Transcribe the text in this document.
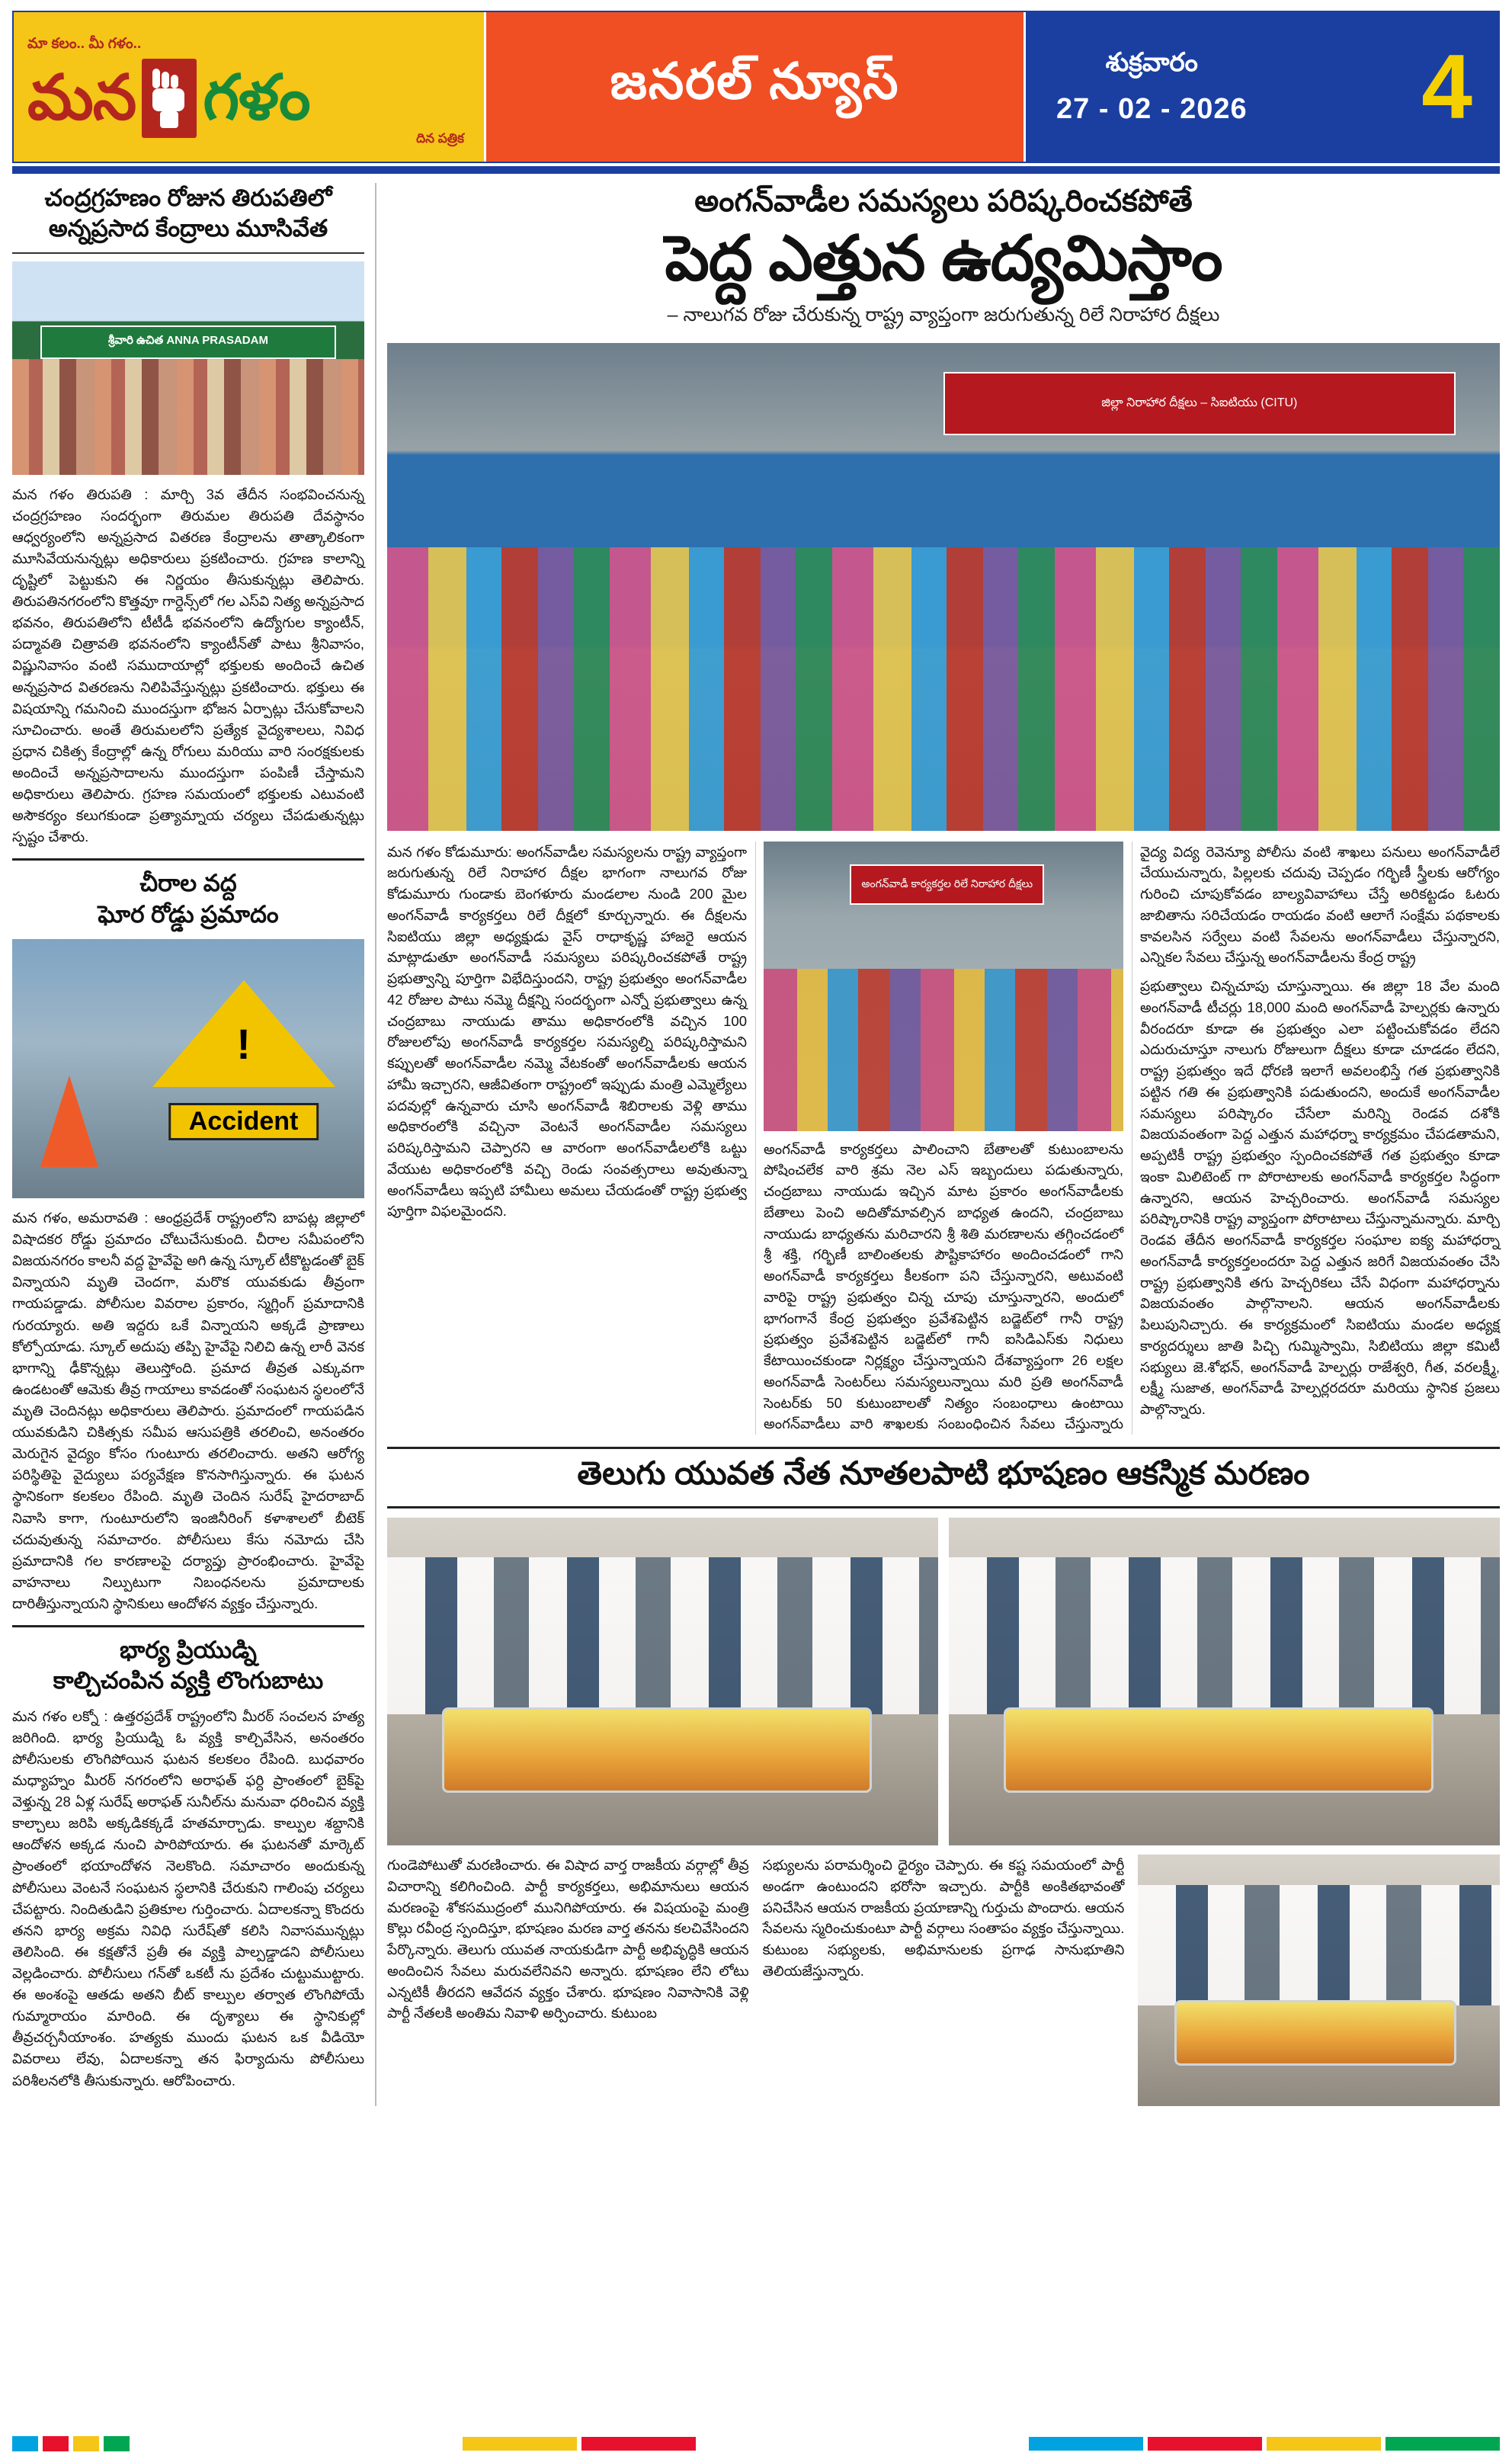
మా కలం.. మీ గళం..
మన గళం
దిన పత్రిక
జనరల్ న్యూస్	శుక్రవారం
27 - 02 - 2026 4
చంద్రగ్రహణం రోజున తిరుపతిలో
అన్నప్రసాద కేంద్రాలు మూసివేత
శ్రీవారి ఉచిత ANNA PRASADAM
మన గళం తిరుపతి : మార్చి 3వ తేదీన సంభవించనున్న చంద్రగ్రహణం సందర్భంగా తిరుమల తిరుపతి దేవస్థానం ఆధ్వర్యంలోని అన్నప్రసాద వితరణ కేంద్రాలను తాత్కాలికంగా మూసివేయనున్నట్లు అధికారులు ప్రకటించారు. గ్రహణ కాలాన్ని దృష్టిలో పెట్టుకుని ఈ నిర్ణయం తీసుకున్నట్లు తెలిపారు. తిరుపతినగరంలోని కొత్తవూ గార్డెన్స్‌లో గల ఎస్‌వి నిత్య అన్నప్రసాద భవనం, తిరుపతిలోని టీటీడీ భవనంలోని ఉద్యోగుల క్యాంటీన్, పద్మావతి చిత్రావతి భవనంలోని క్యాంటీన్‌తో పాటు శ్రీనివాసం, విష్ణునివాసం వంటి సముదాయాల్లో భక్తులకు అందించే ఉచిత అన్నప్రసాద వితరణను నిలిపివేస్తున్నట్లు ప్రకటించారు. భక్తులు ఈ విషయాన్ని గమనించి ముందస్తుగా భోజన ఏర్పాట్లు చేసుకోవాలని సూచించారు. అంతే తిరుమలలోని ప్రత్యేక వైద్యశాలలు, నివిధ ప్రధాన చికిత్స కేంద్రాల్లో ఉన్న రోగులు మరియు వారి సంరక్షకులకు అందించే అన్నప్రసాదాలను ముందస్తుగా పంపిణీ చేస్తామని అధికారులు తెలిపారు. గ్రహణ సమయంలో భక్తులకు ఎటువంటి అసౌకర్యం కలుగకుండా ప్రత్యామ్నాయ చర్యలు చేపడుతున్నట్లు స్పష్టం చేశారు.
చీరాల వద్ద
ఘోర రోడ్డు ప్రమాదం
!
Accident
మన గళం, అమరావతి : ఆంధ్రప్రదేశ్ రాష్ట్రంలోని బాపట్ల జిల్లాలో విషాదకర రోడ్డు ప్రమాదం చోటుచేసుకుంది. చీరాల సమీపంలోని విజయనగరం కాలనీ వద్ద హైవేపై అగి ఉన్న స్కూల్ టీకొట్టడంతో బైక్ విన్నాయని మృతి చెందగా, మరొక యువకుడు తీవ్రంగా గాయపడ్డాడు. పోలీసుల వివరాల ప్రకారం, స్మగ్లింగ్ ప్రమాదానికి గురయ్యారు. అతి ఇద్దరు ఒకే విన్నాయని అక్కడే ప్రాణాలు కోల్పోయాడు. స్కూల్ అదుపు తప్పి హైవేపై నిలిచి ఉన్న లారీ వెనక భాగాన్ని ఢీకొన్నట్లు తెలుస్తోంది. ప్రమాద తీవ్రత ఎక్కువగా ఉండటంతో ఆమెకు తీవ్ర గాయాలు కావడంతో సంఘటన స్థలంలోనే మృతి చెందినట్లు అధికారులు తెలిపారు. ప్రమాదంలో గాయపడిన యువకుడిని చికిత్సకు సమీప ఆసుపత్రికి తరలించి, అనంతరం మెరుగైన వైద్యం కోసం గుంటూరు తరలించారు. అతని ఆరోగ్య పరిస్థితిపై వైద్యులు పర్యవేక్షణ కొనసాగిస్తున్నారు. ఈ ఘటన స్థానికంగా కలకలం రేపింది. మృతి చెందిన సురేష్ హైదరాబాద్ నివాసి కాగా, గుంటూరులోని ఇంజినీరింగ్ కళాశాలలో బీటెక్ చదువుతున్న సమాచారం. పోలీసులు కేసు నమోదు చేసి ప్రమాదానికి గల కారణాలపై దర్యాప్తు ప్రారంభించారు. హైవేపై వాహనాలు నిల్పుటుగా నిబంధనలను ప్రమాదాలకు దారితీస్తున్నాయని స్థానికులు ఆందోళన వ్యక్తం చేస్తున్నారు.
భార్య ప్రియుడ్ని
కాల్చిచంపిన వ్యక్తి లొంగుబాటు
మన గళం లక్నో : ఉత్తరప్రదేశ్ రాష్ట్రంలోని మీరఠ్ సంచలన హత్య జరిగింది. భార్య ప్రియుడ్ని ఓ వ్యక్తి కాల్చివేసిన, అనంతరం పోలీసులకు లొంగిపోయిన ఘటన కలకలం రేపింది. బుధవారం మధ్యాహ్నం మీరఠ్ నగరంలోని అరాఫత్ ఫర్ది ప్రాంతంలో బైక్‌పై వెళ్తున్న 28 ఏళ్ల సురేష్ అరాఫత్ సునీల్‌ను మనువా ధరించిన వ్యక్తి కాల్చాలు జరిపి అక్కడికక్కడే హతమార్చాడు. కాల్పుల శబ్దానికి ఆందోళన అక్కడ నుంచి పారిపోయారు. ఈ ఘటనతో మార్కెట్ ప్రాంతంలో భయాందోళన నెలకొంది. సమాచారం అందుకున్న పోలీసులు వెంటనే సంఘటన స్థలానికి చేరుకుని గాలింపు చర్యలు చేపట్టారు. నిందితుడిని ప్రతికూల గుర్తించారు. ఏదాలకన్నా కొందరు తనని భార్య అక్రమ నివిధి సురేష్‌తో కలిసి నివాసమున్నట్లు తెలిసింది. ఈ కక్షతోనే ప్రతీ ఈ వ్యక్తి పాల్పడ్డాడని పోలీసులు వెల్లడించారు. పోలీసులు గన్‌తో ఒకటీ ను ప్రదేశం చుట్టుముట్టారు. ఈ అంశంపై ఆతడు అతని బీట్ కాల్పుల తర్వాత లొంగిపోయే గుమ్మారాయం మారింది. ఈ దృశ్యాలు ఈ స్థానికుల్లో తీవ్రచర్చనీయాంశం. హత్యకు ముందు ఘటన ఒక వీడియో వివరాలు లేవు, ఏదాలకన్నా తన ఫిర్యాదును పోలీసులు పరిశీలనలోకి తీసుకున్నారు. ఆరోపించారు.
అంగన్‌వాడీల సమస్యలు పరిష్కరించకపోతే
పెద్ద ఎత్తున ఉద్యమిస్తాం
– నాలుగవ రోజు చేరుకున్న రాష్ట్ర వ్యాప్తంగా జరుగుతున్న రిలే నిరాహార దీక్షలు
జిల్లా నిరాహార దీక్షలు – సిఐటియు (CITU)

మన గళం కోడుమూరు: అంగన్‌వాడీల సమస్యలను రాష్ట్ర వ్యాప్తంగా జరుగుతున్న రిలే నిరాహార దీక్షల భాగంగా నాలుగవ రోజు కోడుమూరు గుండాకు బెంగళూరు మండలాల నుండి 200 మైల అంగన్‌వాడీ కార్యకర్తలు రిలే దీక్షలో కూర్చున్నారు. ఈ దీక్షలను సిఐటియు జిల్లా అధ్యక్షుడు వైస్ రాధాకృష్ణ హాజరై ఆయన మాట్లాడుతూ అంగన్‌వాడీ సమస్యలు పరిష్కరించకపోతే రాష్ట్ర ప్రభుత్వాన్ని పూర్తిగా విభేదిస్తుందని, రాష్ట్ర ప్రభుత్వం అంగన్‌వాడీల 42 రోజుల పాటు నమ్మె దీక్షన్ని సందర్భంగా ఎన్నో ప్రభుత్వాలు ఉన్న చంద్రబాబు నాయుడు తాము అధికారంలోకి వచ్చిన 100 రోజులలోపు అంగన్‌వాడీ కార్యకర్తల సమస్యల్ని పరిష్కరిస్తామని కప్పులతో అంగన్‌వాడీల నమ్మె వేటకంతో అంగన్‌వాడీలకు ఆయన హామీ ఇచ్చారని, ఆజీవితంగా రాష్ట్రంలో ఇప్పుడు మంత్రి ఎమ్మెల్యేలు పదవుల్లో ఉన్నవారు చూసి అంగన్‌వాడీ శిబిరాలకు వెళ్లి తాము అధికారంలోకి వచ్చినా వెంటనే అంగన్‌వాడీల సమస్యలు పరిష్కరిస్తామని చెప్పారని ఆ వారంగా అంగన్‌వాడీలలోకి ఒట్టు వేయుట అధికారంలోకి వచ్చి రెండు సంవత్సరాలు అవుతున్నా అంగన్‌వాడీలు ఇప్పటి హామీలు అమలు చేయడంతో రాష్ట్ర ప్రభుత్వ పూర్తిగా విఫలమైందని.

అంగన్‌వాడీ కార్యకర్తల రిలే నిరాహార దీక్షలు

అంగన్‌వాడీ కార్యకర్తలు పాలించాని బేతాలతో కుటుంబాలను పోషించలేక వారి శ్రమ నెల ఎస్ ఇబ్బందులు పడుతున్నారు, చంద్రబాబు నాయుడు ఇచ్చిన మాట ప్రకారం అంగన్‌వాడీలకు బేతాలు పెంచి అదితోమావల్సిన బాధ్యత ఉందని, చంద్రబాబు నాయుడు బాధ్యతను మరిచారని శ్రీ శితి మరణాలను తగ్గించడంలో శ్రీ శక్తి, గర్భిణీ బాలింతలకు పౌష్టికాహారం అందించడంలో గాని అంగన్‌వాడీ కార్యకర్తలు కీలకంగా పని చేస్తున్నారని, అటువంటి వారిపై రాష్ట్ర ప్రభుత్వం చిన్న చూపు చూస్తున్నారని, అందులో భాగంగానే కేంద్ర ప్రభుత్వం ప్రవేశపెట్టిన బడ్జెట్‌లో గానీ రాష్ట్ర ప్రభుత్వం ప్రవేశపెట్టిన బడ్జెట్‌లో గానీ ఐసిడిఎస్‌కు నిధులు కేటాయించకుండా నిర్లక్ష్యం చేస్తున్నాయని దేశవ్యాప్తంగా 26 లక్షల అంగన్‌వాడీ సెంటర్‌లు సమస్యలున్నాయి మరి ప్రతి అంగన్‌వాడీ సెంటర్‌కు 50 కుటుంబాలతో నిత్యం సంబంధాలు ఉంటాయి అంగన్‌వాడీలు వారి శాఖలకు సంబంధించిన సేవలు చేస్తున్నారు వైద్య విద్య రెవెన్యూ పోలీసు వంటి శాఖలు పనులు అంగన్‌వాడీలే చేయుచున్నారు, పిల్లలకు చదువు చెప్పడం గర్భిణీ స్త్రీలకు ఆరోగ్యం గురించి చూపుకోవడం బాల్యవివాహాలు చేస్తే అరికట్టడం ఓటరు జాబితాను సరిచేయడం రాయడం వంటి ఆలాగే సంక్షేమ పథకాలకు కావలసిన సర్వేలు వంటి సేవలను అంగన్‌వాడీలు చేస్తున్నారని, ఎన్నికల సేవలు చేస్తున్న అంగన్‌వాడీలను కేంద్ర రాష్ట్ర

ప్రభుత్వాలు చిన్నచూపు చూస్తున్నాయి. ఈ జిల్లా 18 వేల మంది అంగన్‌వాడీ టీచర్లు 18,000 మంది అంగన్‌వాడీ హెల్పర్లకు ఉన్నారు వీరందరూ కూడా ఈ ప్రభుత్వం ఎలా పట్టించుకోవడం లేదని ఎదురుచూస్తూ నాలుగు రోజులుగా దీక్షలు కూడా చూడడం లేదని, రాష్ట్ర ప్రభుత్వం ఇదే ధోరణి ఇలాగే అవలంభిస్తే గత ప్రభుత్వానికి పట్టిన గతి ఈ ప్రభుత్వానికి పడుతుందని, అందుకే అంగన్‌వాడీల సమస్యలు పరిష్కారం చేసేలా మరిన్ని రెండవ దశోకి విజయవంతంగా పెద్ద ఎత్తున మహాధర్నా కార్యక్రమం చేపడతామని, అప్పటికీ రాష్ట్ర ప్రభుత్వం స్పందించకపోతే గత ప్రభుత్వం కూడా ఇంకా మిలిటెంట్ గా పోరాటాలకు అంగన్‌వాడీ కార్యకర్తల సిద్ధంగా ఉన్నారని, ఆయన హెచ్చరించారు. అంగన్‌వాడీ సమస్యల పరిష్కారానికి రాష్ట్ర వ్యాప్తంగా పోరాటాలు చేస్తున్నామన్నారు. మార్చి రెండవ తేదీన అంగన్‌వాడీ కార్యకర్తల సంఘాల ఐక్య మహాధర్నా అంగన్‌వాడీ కార్యకర్తలందరూ పెద్ద ఎత్తున జరిగే విజయవంతం చేసి రాష్ట్ర ప్రభుత్వానికి తగు హెచ్చరికలు చేసే విధంగా మహాధర్నాను విజయవంతం పాల్గొనాలని. ఆయన అంగన్‌వాడీలకు పిలుపునిచ్చారు. ఈ కార్యక్రమంలో సిఐటియు మండల అధ్యక్ష కార్యదర్శులు జాతి పిచ్చి గుమ్మిస్వామి, సిబిటియు జిల్లా కమిటీ సభ్యులు జె.శోభన్, అంగన్‌వాడీ హెల్పర్లు రాజేశ్వరి, గీత, వరలక్ష్మీ, లక్ష్మీ సుజాత, అంగన్‌వాడీ హెల్పర్లరదరూ మరియు స్థానిక ప్రజలు పాల్గొన్నారు.

తెలుగు యువత నేత నూతలపాటి భూషణం ఆకస్మిక మరణం

గుండెపోటుతో మరణించారు. ఈ విషాద వార్త రాజకీయ వర్గాల్లో తీవ్ర విచారాన్ని కలిగించింది. పార్టీ కార్యకర్తలు, అభిమానులు ఆయన మరణంపై శోకసముద్రంలో మునిగిపోయారు. ఈ విషయంపై మంత్రి కొల్లు రవీంద్ర స్పందిస్తూ, భూషణం మరణ వార్త తనను కలచివేసిందని పేర్కొన్నారు. తెలుగు యువత నాయకుడిగా పార్టీ అభివృద్ధికి ఆయన అందించిన సేవలు మరువలేనివని అన్నారు. భూషణం లేని లోటు ఎన్నటికీ తీరదని ఆవేదన వ్యక్తం చేశారు. భూషణం నివాసానికి వెళ్లి పార్టీ నేతలకి అంతిమ నివాళి అర్పించారు. కుటుంబ

సభ్యులను పరామర్శించి ధైర్యం చెప్పారు. ఈ కష్ట సమయంలో పార్టీ అండగా ఉంటుందని భరోసా ఇచ్చారు. పార్టీకి అంకితభావంతో పనిచేసిన ఆయన రాజకీయ ప్రయాణాన్ని గుర్తుచు పొందారు. ఆయన సేవలను స్మరించుకుంటూ పార్టీ వర్గాలు సంతాపం వ్యక్తం చేస్తున్నాయి. కుటుంబ సభ్యులకు, అభిమానులకు ప్రగాఢ సానుభూతిని తెలియజేస్తున్నారు.
